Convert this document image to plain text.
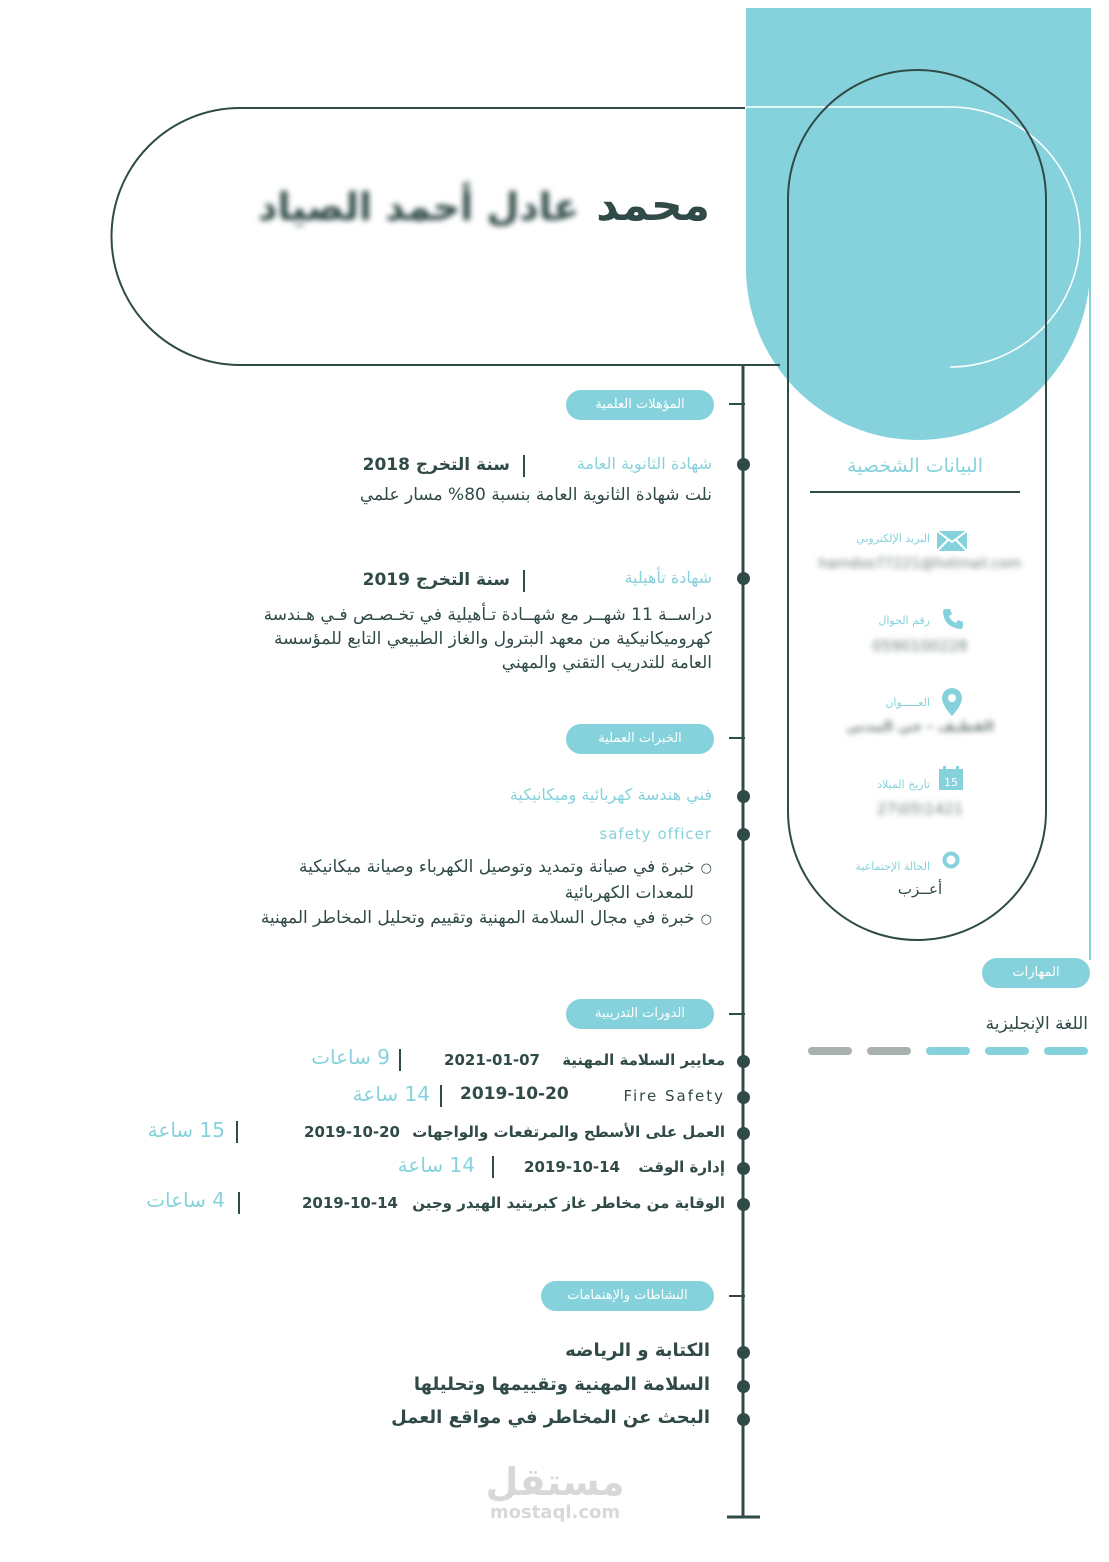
محمد عادل أحمد الصياد
البيانات الشخصية
البريد الإلكتروني
hamdoo77221@hotmail.com
رقم الجوال
0590100228
العـــــوان
القطيف - حي المدني
15
تاريخ الميلاد
27\05\1421
الحالة الإجتماعية
أعــزب
المهارات
اللغة الإنجليزية
المؤهلات العلمية
شهادة الثانوية العامة
سنة التخرج 2018
نلت شهادة الثانوية العامة بنسبة 80% مسار علمي
شهادة تأهيلية
سنة التخرج 2019
دراســة 11 شهــر مع شهــادة تـأهيلية في تخـصـص فـي هـندسة
كهروميكانيكية من معهد البترول والغاز الطبيعي التابع للمؤسسة
العامة للتدريب التقني والمهني
الخبرات العملية
فني هندسة كهربائية وميكانيكية
safety officer
○خبرة في صيانة وتمديد وتوصيل الكهرباء وصيانة ميكانيكية
للمعدات الكهربائية
○خبرة في مجال السلامة المهنية وتقييم وتحليل المخاطر المهنية
الدورات التدريبية
معايير السلامة المهنية
2021-01-07
9 ساعات
Fire Safety
2019-10-20
14 ساعة
العمل على الأسطح والمرتفعات والواجهات
2019-10-20
15 ساعة
إدارة الوقت
2019-10-14
14 ساعة
الوقاية من مخاطر غاز كبريتيد الهيدر وجين
2019-10-14
4 ساعات
النشاطات والإهتمامات
الكتابة و الرياضه
السلامة المهنية وتقييمها وتحليلها
البحث عن المخاطر في مواقع العمل
مستقل
mostaql.com
